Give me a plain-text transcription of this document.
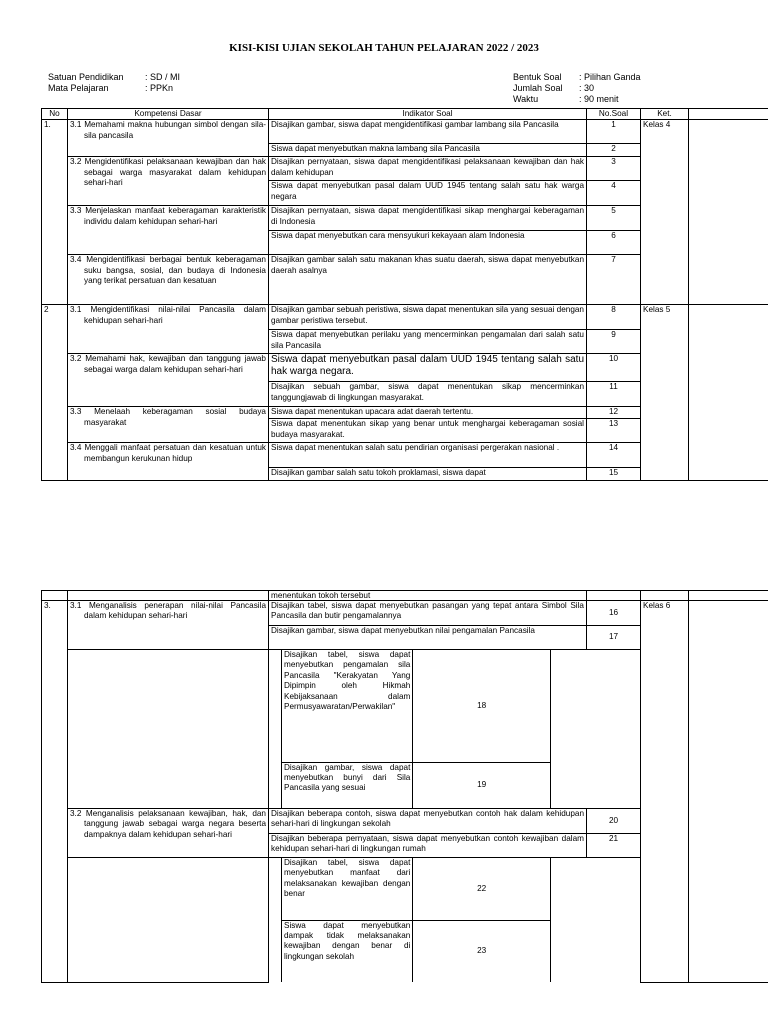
KISI-KISI UJIAN SEKOLAH TAHUN PELAJARAN 2022 / 2023
Satuan Pendidikan : SD / MI
Mata Pelajaran	: PPKn
Bentuk Soal : Pilihan Ganda
Jumlah Soal : 30
Waktu	: 90 menit
No	Kompetensi Dasar	Indikator Soal	No.Soal	Ket.	
1.	3.1 Memahami makna hubungan simbol dengan sila-sila pancasila	Disajikan gambar, siswa dapat mengidentifikasi gambar lambang sila Pancasila	1	Kelas 4	
		Siswa dapat menyebutkan makna lambang sila Pancasila	2		
	3.2 Mengidentifikasi pelaksanaan kewajiban dan hak sebagai warga masyarakat dalam kehidupan sehari-hari	Disajikan pernyataan, siswa dapat mengidentifikasi pelaksanaan kewajiban dan hak dalam kehidupan	3		
		Siswa dapat menyebutkan pasal dalam UUD 1945 tentang salah satu hak warga negara	4		
	3.3 Menjelaskan manfaat keberagaman karakteristik individu dalam kehidupan sehari-hari	Disajikan pernyataan, siswa dapat mengidentifikasi sikap menghargai keberagaman di Indonesia	5		
		Siswa dapat menyebutkan cara mensyukuri kekayaan alam Indonesia	6		
	3.4 Mengidentifikasi berbagai bentuk keberagaman suku bangsa, sosial, dan budaya di Indonesia yang terikat persatuan dan kesatuan	Disajikan gambar salah satu makanan khas suatu daerah, siswa dapat menyebutkan daerah asalnya	7		
2	3.1 Mengidentifikasi nilai-nilai Pancasila dalam kehidupan sehari-hari	Disajikan gambar sebuah peristiwa, siswa dapat menentukan sila yang sesuai dengan gambar peristiwa tersebut.	8	Kelas 5	
		Siswa dapat menyebutkan perilaku yang mencerminkan pengamalan dari salah satu sila Pancasila	9		
	3.2 Memahami hak, kewajiban dan tanggung jawab sebagai warga dalam kehidupan sehari-hari	Siswa dapat menyebutkan pasal dalam UUD 1945 tentang salah satu hak warga negara.	10		
		Disajikan sebuah gambar, siswa dapat menentukan sikap mencerminkan tanggungjawab di lingkungan masyarakat.	11		
	3.3 Menelaah keberagaman sosial budaya masyarakat	Siswa dapat menentukan upacara adat daerah tertentu.	12		
		Siswa dapat menentukan sikap yang benar untuk menghargai keberagaman sosial budaya masyarakat.	13		
	3.4 Menggali manfaat persatuan dan kesatuan untuk membangun kerukunan hidup	Siswa dapat menentukan salah satu pendirian organisasi pergerakan nasional .	14		
		Disajikan gambar salah satu tokoh proklamasi, siswa dapat	15		
		menentukan tokoh tersebut			
3.	3.1 Menganalisis penerapan nilai-nilai Pancasila dalam kehidupan sehari-hari	Disajikan tabel, siswa dapat menyebutkan pasangan yang tepat antara Simbol Sila Pancasila dan butir pengamalannya	16	Kelas 6	
Disajikan gambar, siswa dapat menyebutkan nilai pengamalan Pancasila	17

Disajikan tabel, siswa dapat menyebutkan pengamalan sila Pancasila "Kerakyatan Yang Dipimpin oleh Hikmah Kebijaksanaan dalam Permusyawaratan/Perwakilan"	18
Disajikan gambar, siswa dapat menyebutkan bunyi dari Sila Pancasila yang sesuai	19

3.2 Menganalisis pelaksanaan kewajiban, hak, dan tanggung jawab sebagai warga negara beserta dampaknya dalam kehidupan sehari-hari	Disajikan beberapa contoh, siswa dapat menyebutkan contoh hak dalam kehidupan sehari-hari di lingkungan sekolah	20
Disajikan beberapa pernyataan, siswa dapat menyebutkan contoh kewajiban dalam kehidupan sehari-hari di lingkungan rumah	21

Disajikan tabel, siswa dapat menyebutkan manfaat dari melaksanakan kewajiban dengan benar	22
Siswa dapat menyebutkan dampak tidak melaksanakan kewajiban dengan benar di lingkungan sekolah	23
